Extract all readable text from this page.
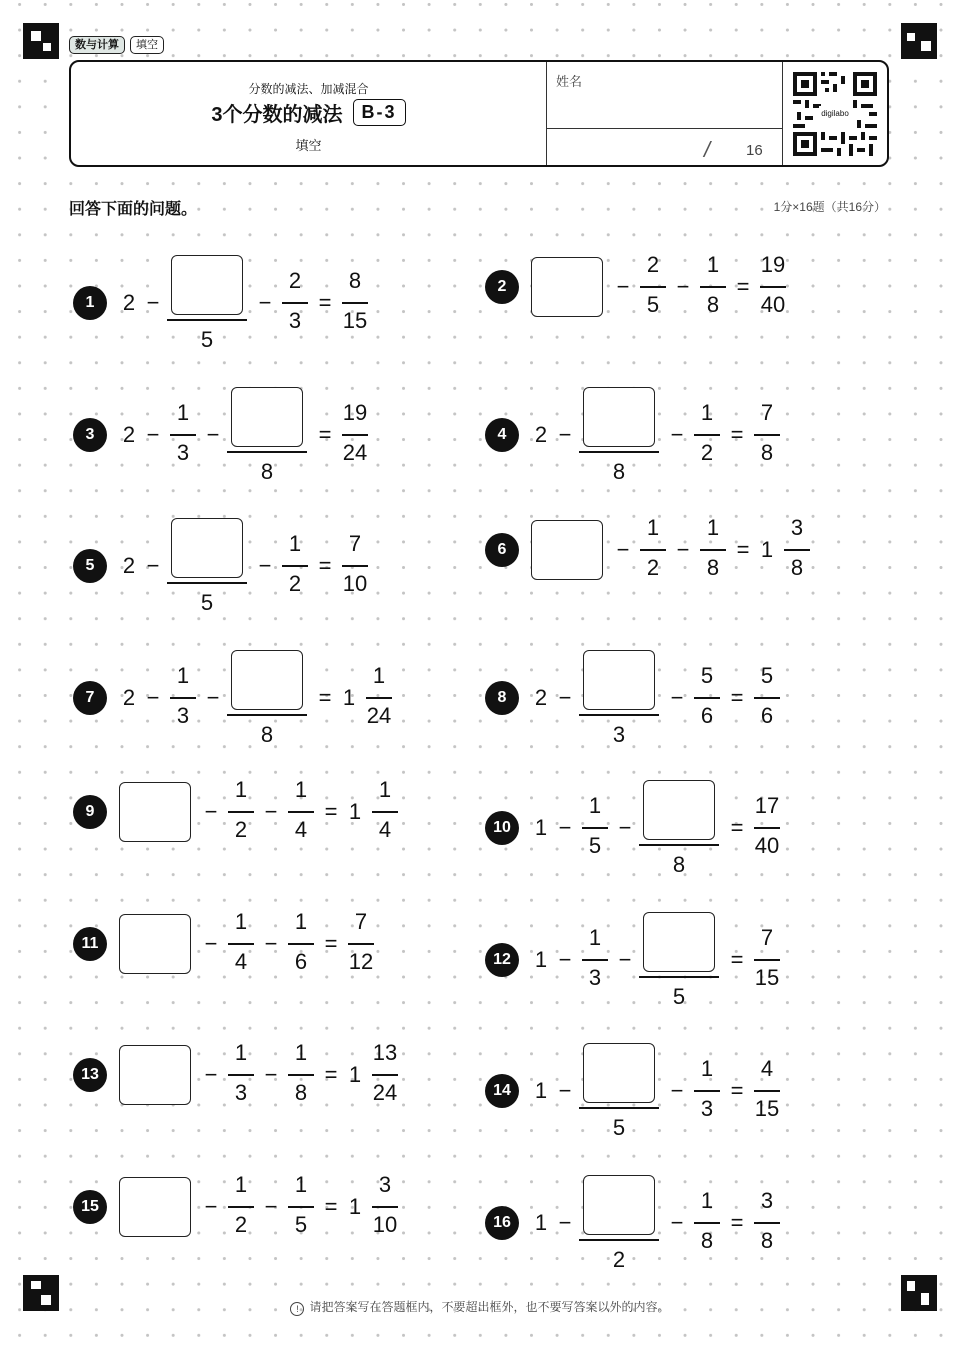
数与计算	填空
分数的减法、加减混合
3个分数的减法	B-3
填空
姓名
/ 16
digilabo
回答下面的问题。	1分×16题（共16分）
1	2 −
5
−
2
3
=
8
15
2	−
2
5
−
1
8
=
19
40
3	2 −
1
3
−
8
=
19
24
4	2 −
8
−
1
2
=
7
8
5	2 −
5
−
1
2
=
7
10
6	−
1
2
−
1
8
= 1
3
8
7	2 −
1
3
−
8
= 1
1
24
8	2 −
3
−
5
6
=
5
6
9	−
1
2
−
1
4
= 1
1
4	10	1 −
1
5
−
8
=
17
40
11	−
1
4
−
1
6
=
7
12	12	1 −
1
3
−
5
=
7
15
13	−
1
3
−
1
8
= 1
13
24	14	1 −
5
−
1
3
=
4
15
15	−
1
2
−
1
5
= 1
3
10	16	1 −
2
−
1
8
=
3
8
! 请把答案写在答题框内，不要超出框外，也不要写答案以外的内容。
